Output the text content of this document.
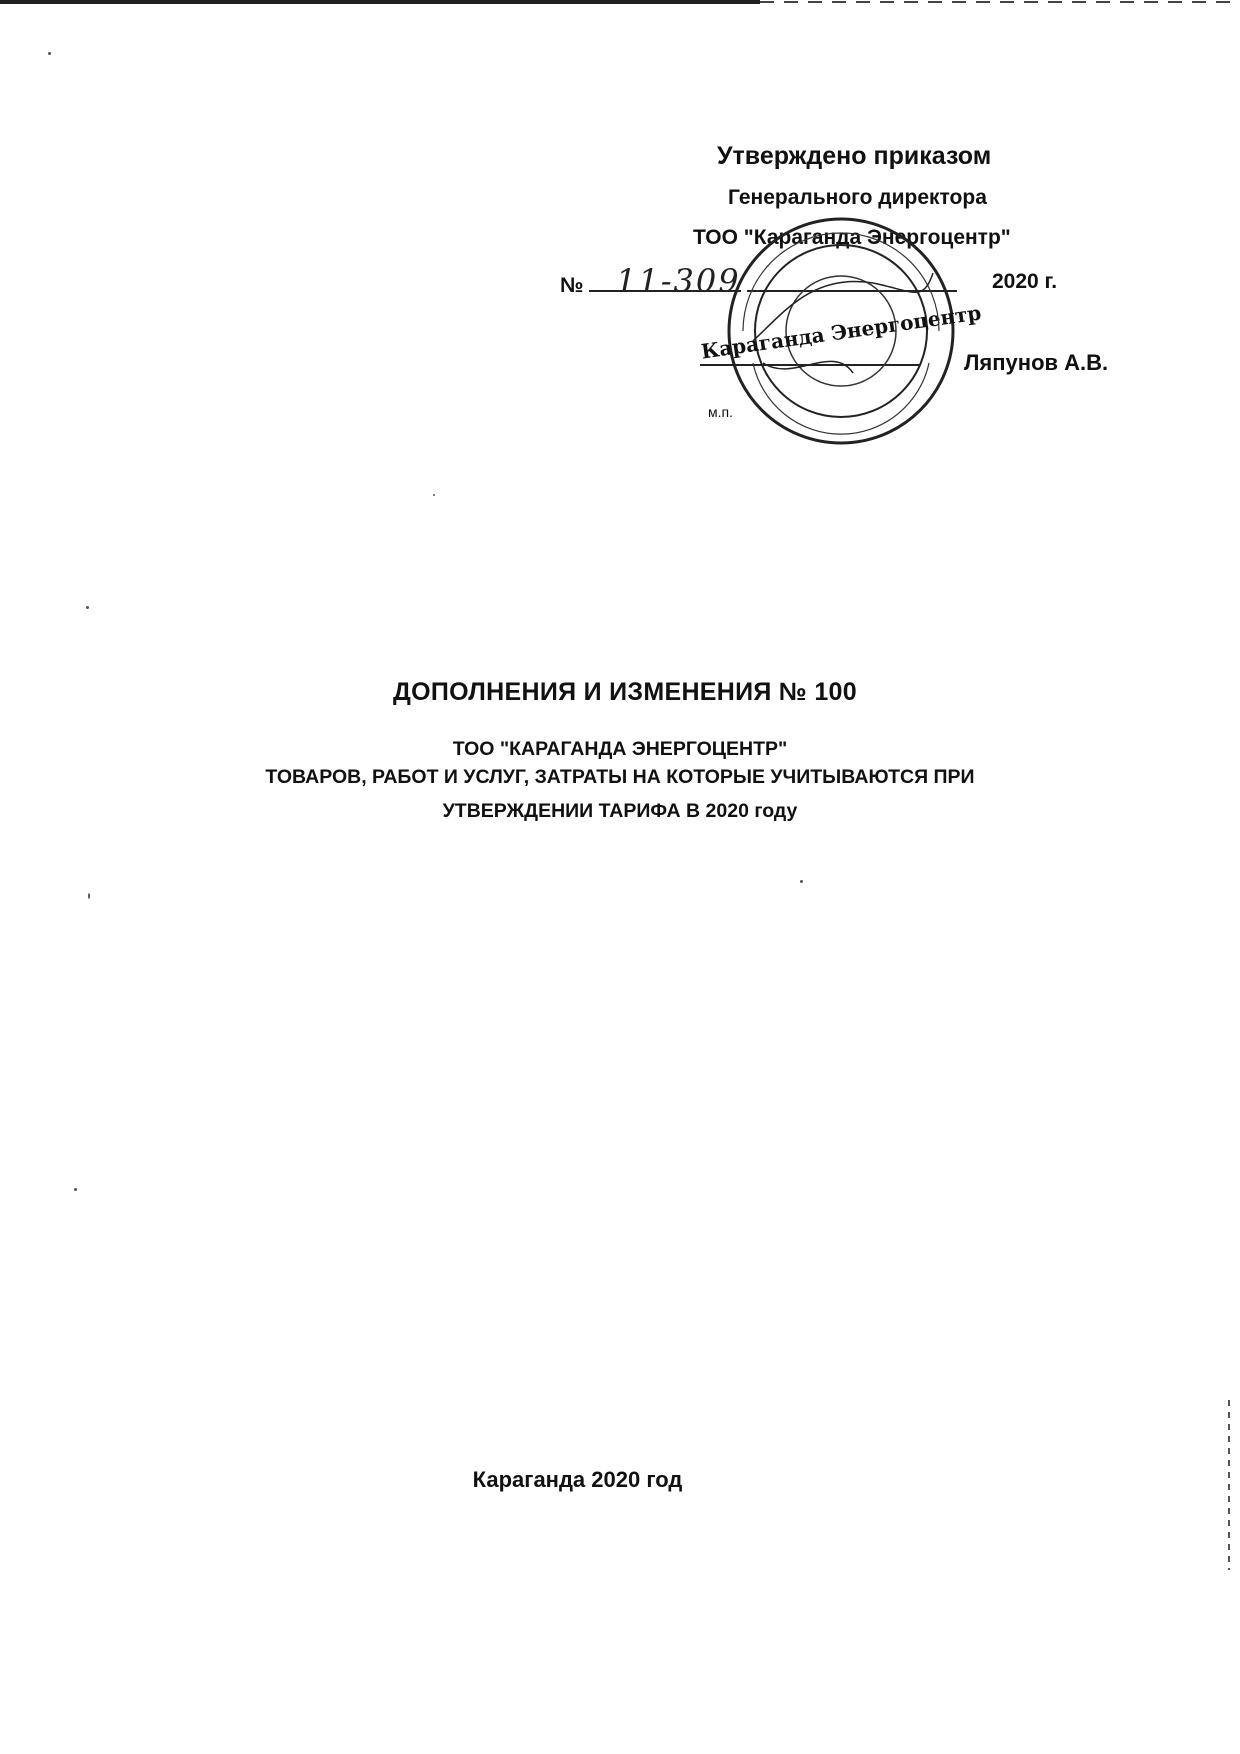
Утверждено приказом
Генерального директора
ТОО "Караганда Энергоцентр"
№	11-309	2020 г.
Ляпунов А.В.
м.п.
Караганда Энергоцентр
ДОПОЛНЕНИЯ И ИЗМЕНЕНИЯ № 100
ТОО "КАРАГАНДА ЭНЕРГОЦЕНТР"
ТОВАРОВ, РАБОТ И УСЛУГ, ЗАТРАТЫ НА КОТОРЫЕ УЧИТЫВАЮТСЯ ПРИ
УТВЕРЖДЕНИИ ТАРИФА В 2020 году
Караганда 2020 год
